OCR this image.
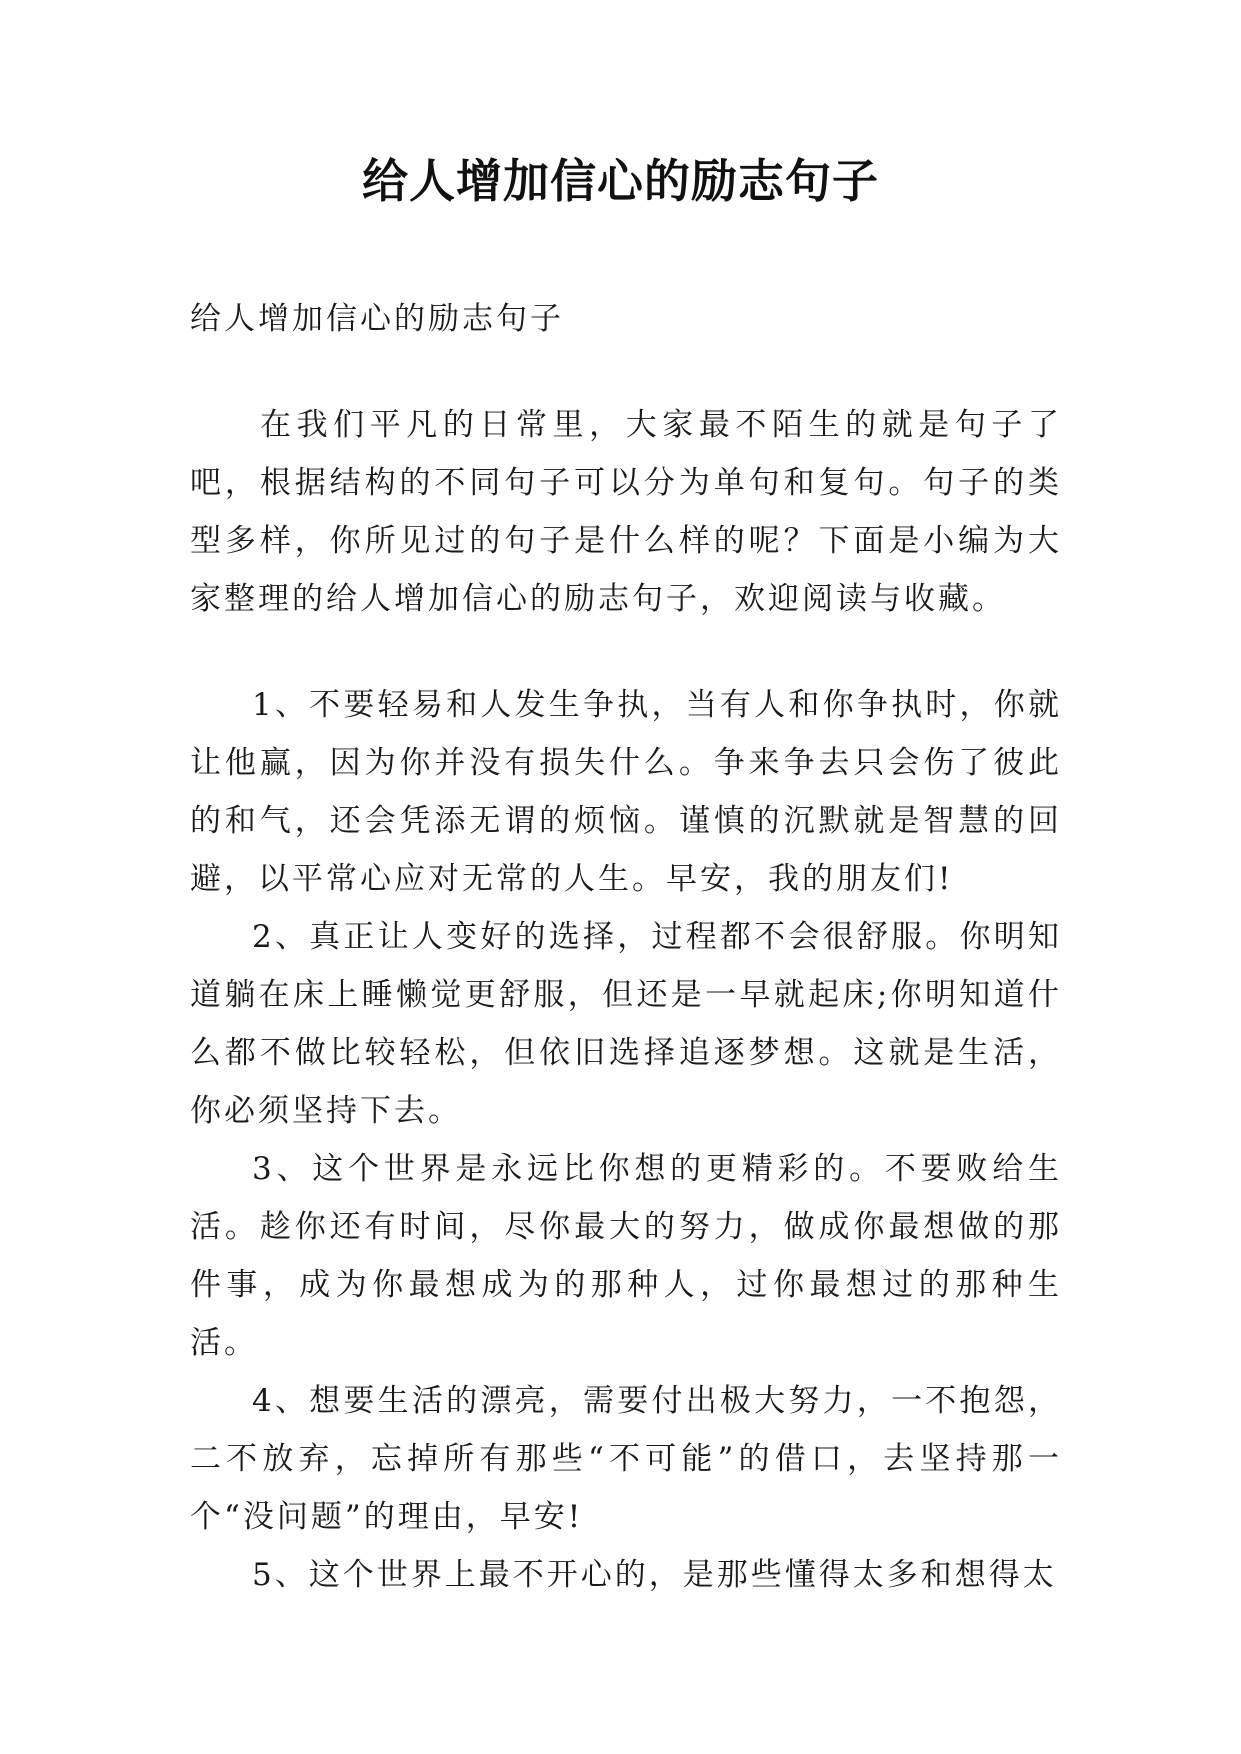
给人增加信心的励志句子

给人增加信心的励志句子

在我们平凡的日常里，大家最不陌生的就是句子了吧，根据结构的不同句子可以分为单句和复句。句子的类型多样，你所见过的句子是什么样的呢？下面是小编为大家整理的给人增加信心的励志句子，欢迎阅读与收藏。

1、不要轻易和人发生争执，当有人和你争执时，你就让他赢，因为你并没有损失什么。争来争去只会伤了彼此的和气，还会凭添无谓的烦恼。谨慎的沉默就是智慧的回避，以平常心应对无常的人生。早安，我的朋友们!

2、真正让人变好的选择，过程都不会很舒服。你明知道躺在床上睡懒觉更舒服，但还是一早就起床;你明知道什么都不做比较轻松，但依旧选择追逐梦想。这就是生活，你必须坚持下去。

3、这个世界是永远比你想的更精彩的。不要败给生活。趁你还有时间，尽你最大的努力，做成你最想做的那件事，成为你最想成为的那种人，过你最想过的那种生活。

4、想要生活的漂亮，需要付出极大努力，一不抱怨，二不放弃，忘掉所有那些“不可能”的借口，去坚持那一个“没问题”的理由，早安!

5、这个世界上最不开心的，是那些懂得太多和想得太
